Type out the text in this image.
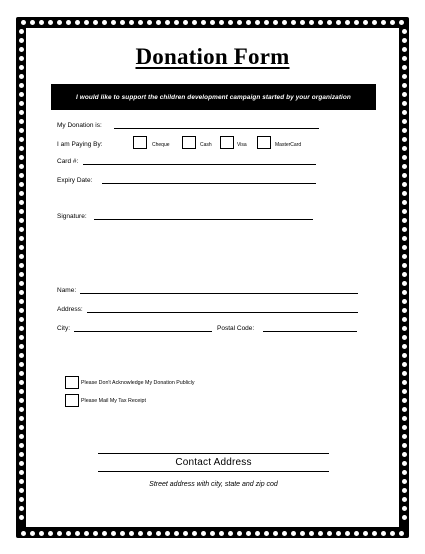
Donation Form
I would like to support the children development campaign started by your organization
My Donation is:
I am Paying By:	Cheque	Cash	Visa	MasterCard
Card #:
Expiry Date:
Signature:
Name:
Address:
City:	Postal Code:
Please Don't Acknowledge My Donation Publicly
Please Mail My Tax Receipt
Contact Address
Street address with city, state and zip cod
